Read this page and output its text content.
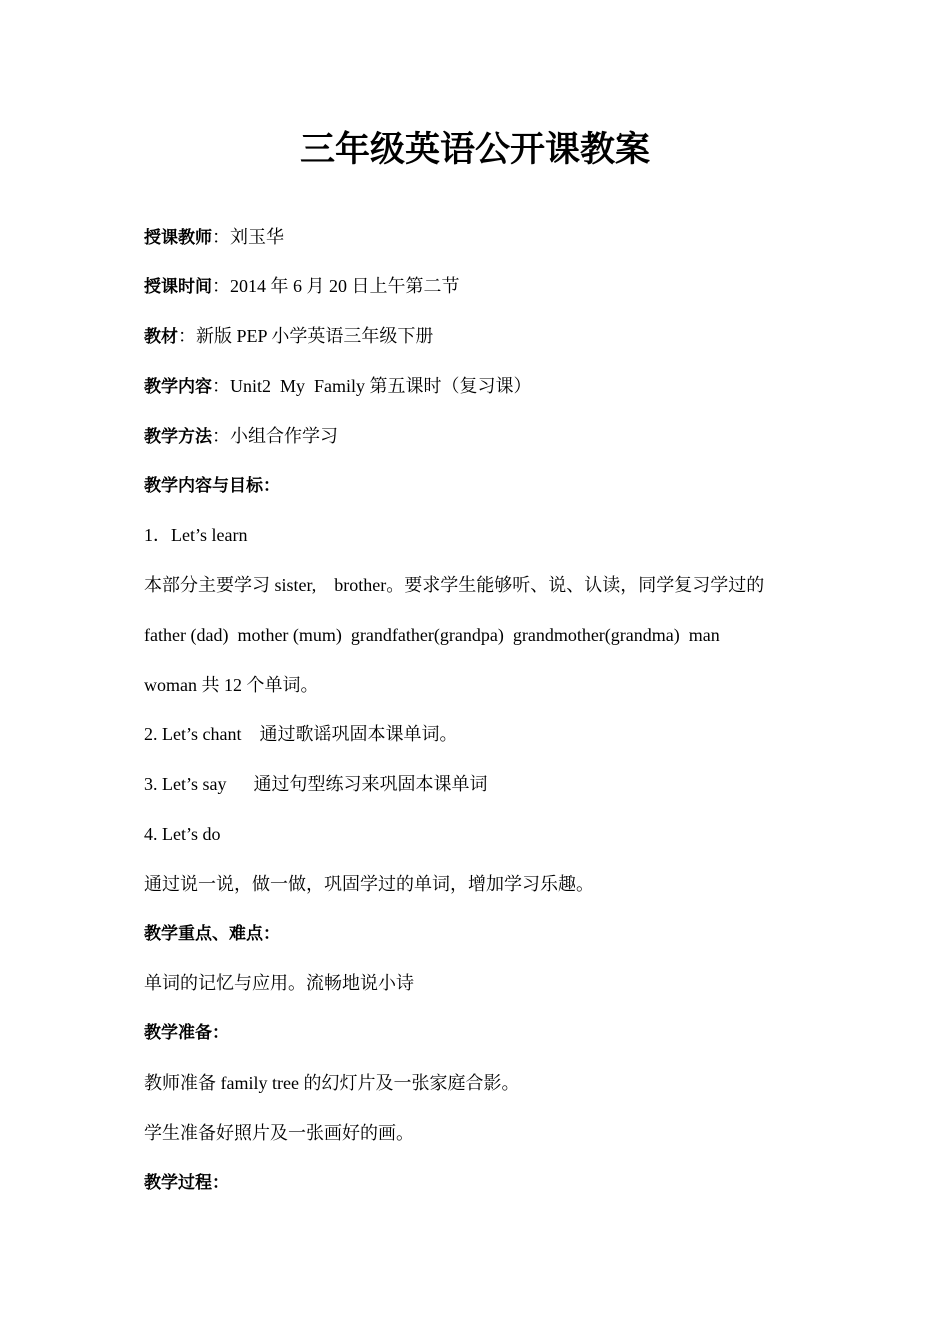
三年级英语公开课教案
授课教师：刘玉华
授课时间：2014 年 6 月 20 日上午第二节
教材：新版 PEP 小学英语三年级下册
教学内容：Unit2  My  Family 第五课时（复习课）
教学方法：小组合作学习
教学内容与目标：
1．Let’s learn
本部分主要学习 sister,    brother。要求学生能够听、说、认读，同学复习学过的
father (dad)  mother (mum)  grandfather(grandpa)  grandmother(grandma)  man
woman 共 12 个单词。
2. Let’s chant    通过歌谣巩固本课单词。
3. Let’s say      通过句型练习来巩固本课单词
4. Let’s do
通过说一说，做一做，巩固学过的单词，增加学习乐趣。
教学重点、难点：
单词的记忆与应用。流畅地说小诗
教学准备：
教师准备 family tree 的幻灯片及一张家庭合影。
学生准备好照片及一张画好的画。
教学过程：
